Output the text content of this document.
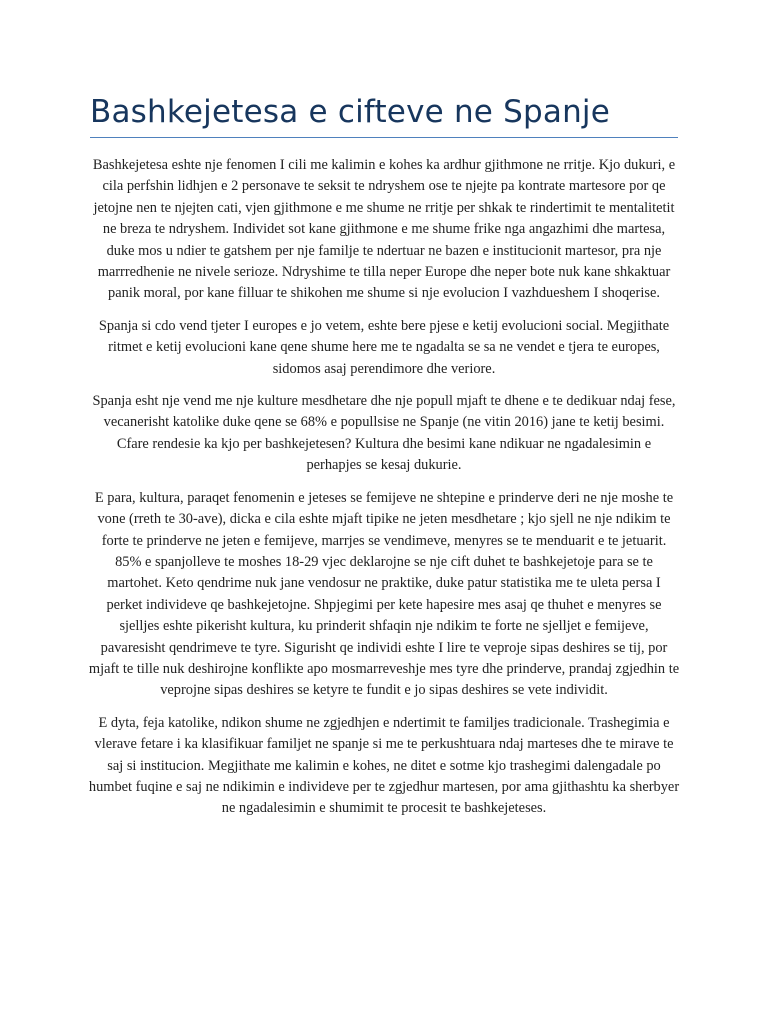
Bashkejetesa e cifteve ne Spanje

Bashkejetesa eshte nje fenomen I cili me kalimin e kohes ka ardhur gjithmone ne rritje. Kjo dukuri, e cila perfshin lidhjen e 2 personave te seksit te ndryshem ose te njejte pa kontrate martesore por qe jetojne nen te njejten cati, vjen gjithmone e me shume ne rritje per shkak te rindertimit te mentalitetit ne breza te ndryshem. Individet sot kane gjithmone e me shume frike nga angazhimi dhe martesa, duke mos u ndier te gatshem per nje familje te ndertuar ne bazen e institucionit martesor, pra nje marrredhenie ne nivele serioze. Ndryshime te tilla neper Europe dhe neper bote nuk kane shkaktuar panik moral, por kane filluar te shikohen me shume si nje evolucion I vazhdueshem I shoqerise.

Spanja si cdo vend tjeter I europes e jo vetem, eshte bere pjese e ketij evolucioni social. Megjithate ritmet e ketij evolucioni kane qene shume here me te ngadalta se sa ne vendet e tjera te europes, sidomos asaj perendimore dhe veriore.

Spanja esht nje vend me nje kulture mesdhetare dhe nje popull mjaft te dhene e te dedikuar ndaj fese, vecanerisht katolike duke qene se 68% e popullsise ne Spanje (ne vitin 2016) jane te ketij besimi. Cfare rendesie ka kjo per bashkejetesen? Kultura dhe besimi kane ndikuar ne ngadalesimin e perhapjes se kesaj dukurie.

E para, kultura, paraqet fenomenin e jeteses se femijeve ne shtepine e prinderve deri ne nje moshe te vone (rreth te 30-ave), dicka e cila eshte mjaft tipike ne jeten mesdhetare ; kjo sjell ne nje ndikim te forte te prinderve ne jeten e femijeve, marrjes se vendimeve, menyres se te menduarit e te jetuarit. 85% e spanjolleve te moshes 18-29 vjec deklarojne se nje cift duhet te bashkejetoje para se te martohet. Keto qendrime nuk jane vendosur ne praktike, duke patur statistika me te uleta persa I perket individeve qe bashkejetojne. Shpjegimi per kete hapesire mes asaj qe thuhet e menyres se sjelljes eshte pikerisht kultura, ku prinderit shfaqin nje ndikim te forte ne sjelljet e femijeve, pavaresisht qendrimeve te tyre. Sigurisht qe individi eshte I lire te veproje sipas deshires se tij, por mjaft te tille nuk deshirojne konflikte apo mosmarreveshje mes tyre dhe prinderve, prandaj zgjedhin te veprojne sipas deshires se ketyre te fundit e jo sipas deshires se vete individit.

E dyta, feja katolike, ndikon shume ne zgjedhjen e ndertimit te familjes tradicionale. Trashegimia e vlerave fetare i ka klasifikuar familjet ne spanje si me te perkushtuara ndaj marteses dhe te mirave te saj si institucion. Megjithate me kalimin e kohes, ne ditet e sotme kjo trashegimi dalengadale po humbet fuqine e saj ne ndikimin e individeve per te zgjedhur martesen, por ama gjithashtu ka sherbyer ne ngadalesimin e shumimit te procesit te bashkejeteses.
